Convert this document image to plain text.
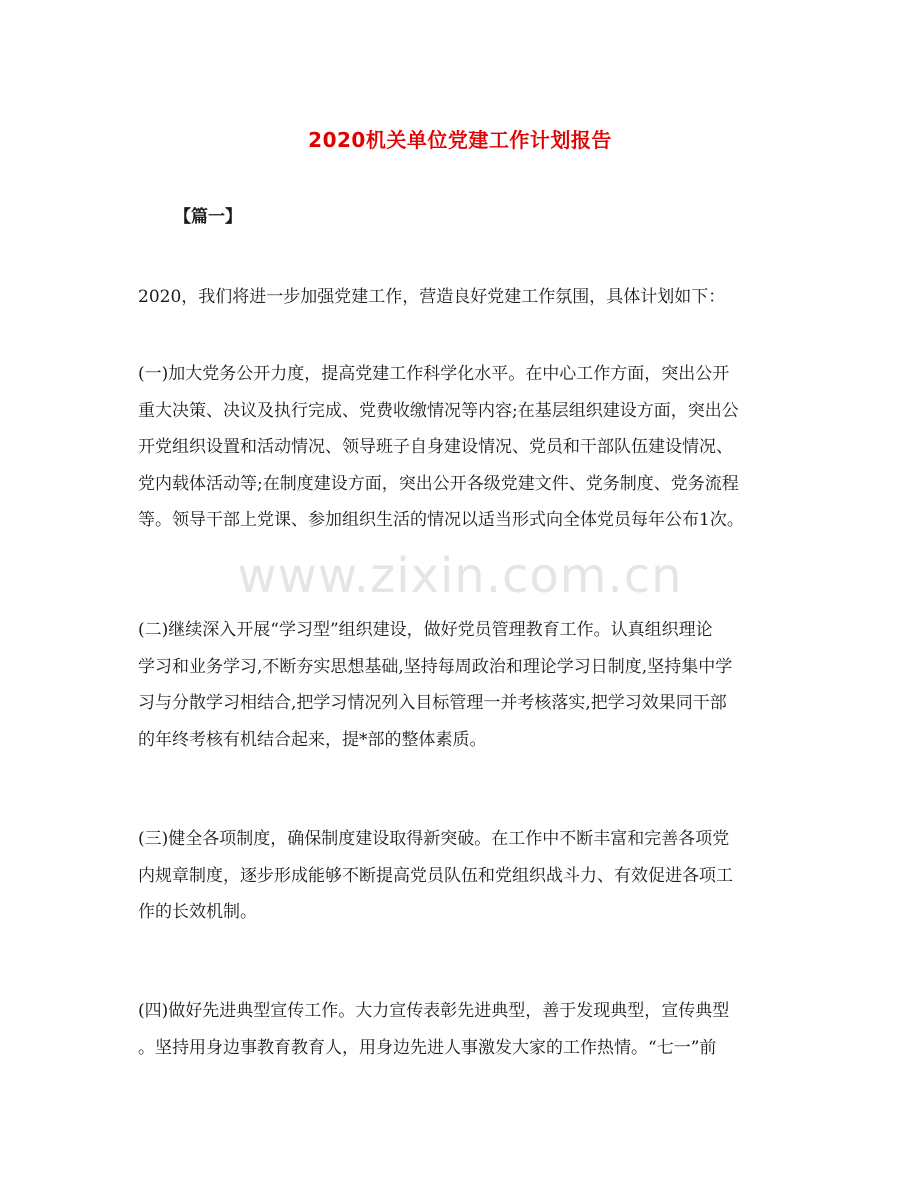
2020机关单位党建工作计划报告
【篇一】
2020，我们将进一步加强党建工作，营造良好党建工作氛围，具体计划如下：
(一)加大党务公开力度，提高党建工作科学化水平。在中心工作方面，突出公开
重大决策、决议及执行完成、党费收缴情况等内容;在基层组织建设方面，突出公
开党组织设置和活动情况、领导班子自身建设情况、党员和干部队伍建设情况、
党内载体活动等;在制度建设方面，突出公开各级党建文件、党务制度、党务流程
等。领导干部上党课、参加组织生活的情况以适当形式向全体党员每年公布1次。
(二)继续深入开展“学习型”组织建设，做好党员管理教育工作。认真组织理论
学习和业务学习,不断夯实思想基础,坚持每周政治和理论学习日制度,坚持集中学
习与分散学习相结合,把学习情况列入目标管理一并考核落实,把学习效果同干部
的年终考核有机结合起来，提*部的整体素质。
(三)健全各项制度，确保制度建设取得新突破。在工作中不断丰富和完善各项党
内规章制度，逐步形成能够不断提高党员队伍和党组织战斗力、有效促进各项工
作的长效机制。
(四)做好先进典型宣传工作。大力宣传表彰先进典型，善于发现典型，宣传典型
。坚持用身边事教育教育人，用身边先进人事激发大家的工作热情。“七一”前
www.zixin.com.cn
